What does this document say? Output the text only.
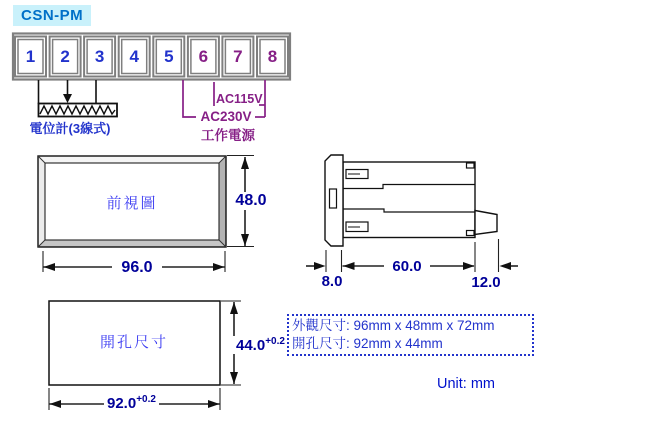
CSN-PM
1	2	3	4	5	6	7	8
電位計(3線式)
AC115V
AC230V
工作電源
前視圖	48.0
96.0
8.0
60.0
12.0
開孔尺寸	$44.0^{+0.2}$
$92.0^{+0.2}$
外觀尺寸: 96mm x 48mm x 72mm
開孔尺寸: 92mm x 44mm
Unit: mm
